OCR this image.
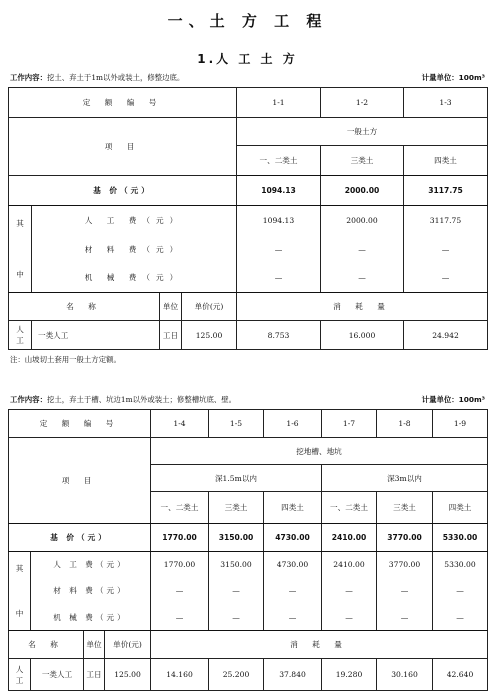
一、土 方 工 程
1.人 工 土 方
工作内容：挖土、弃土于1m以外或装土，修整边底。	计量单位：100m³
定 额 编 号				1-1	1-2	1-3
项 目				一般土方		
				一、二类土	三类土	四类土
基 价（元）				1094.13	2000.00	3117.75

其
中	人 工 费（元）			1094.13	2000.00	3117.75
	材 料 费（元）			—	—	—
	机 械 费（元）			—	—	—
名 称		单位	单价(元)	消 耗 量		
人工	一类人工	工日	125.00	8.753	16.000	24.942
注：山坡切土套用一般土方定额。
工作内容：挖土，弃土于槽、坑边1m以外或装土；修整槽坑底、壁。	计量单位：100m³
定 额 编 号				1-4	1-5	1-6	1-7	1-8	1-9
项 目				挖地槽、地坑					
				深1.5m以内			深3m以内		
				一、二类土	三类土	四类土	一、二类土	三类土	四类土
基 价（元）				1770.00	3150.00	4730.00	2410.00	3770.00	5330.00

其
中	人 工 费（元）			1770.00	3150.00	4730.00	2410.00	3770.00	5330.00
	材 料 费（元）			—	—	—	—	—	—
	机 械 费（元）			—	—	—	—	—	—
名 称		单位	单价(元)	消 耗 量					
人工	一类人工	工日	125.00	14.160	25.200	37.840	19.280	30.160	42.640
